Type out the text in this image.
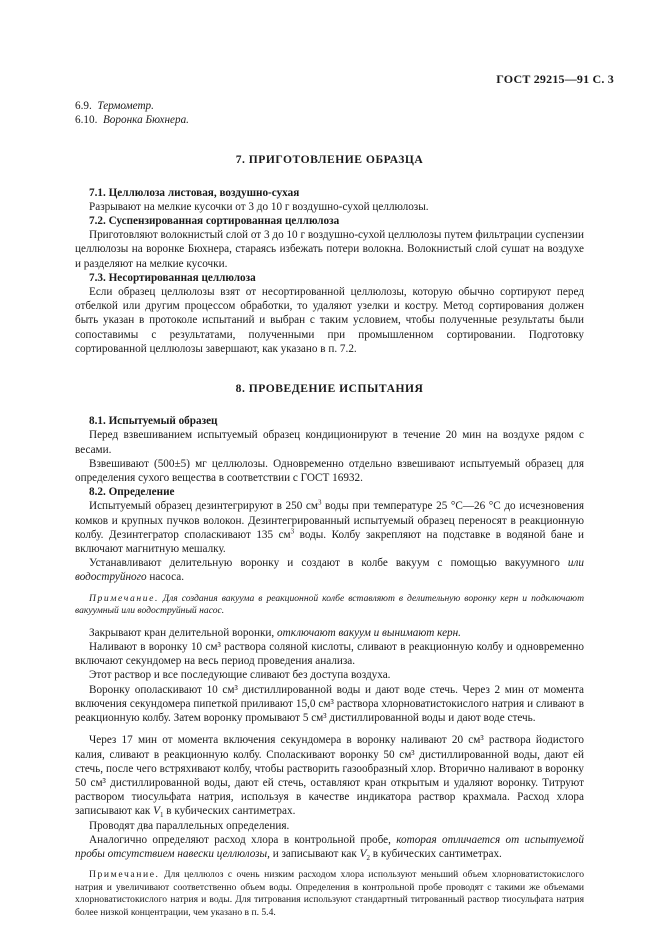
ГОСТ 29215—91 С. 3

6.9. Термометр.

6.10. Воронка Бюхнера.

7. ПРИГОТОВЛЕНИЕ ОБРАЗЦА

7.1. Целлюлоза листовая, воздушно-сухая

Разрывают на мелкие кусочки от 3 до 10 г воздушно-сухой целлюлозы.

7.2. Суспензированная сортированная целлюлоза

Приготовляют волокнистый слой от 3 до 10 г воздушно-сухой целлюлозы путем фильтрации суспензии целлюлозы на воронке Бюхнера, стараясь избежать потери волокна. Волокнистый слой сушат на воздухе и разделяют на мелкие кусочки.

7.3. Несортированная целлюлоза

Если образец целлюлозы взят от несортированной целлюлозы, которую обычно сортируют перед отбелкой или другим процессом обработки, то удаляют узелки и костру. Метод сортирования должен быть указан в протоколе испытаний и выбран с таким условием, чтобы полученные результаты были сопоставимы с результатами, полученными при промышленном сортировании. Подготовку сортированной целлюлозы завершают, как указано в п. 7.2.

8. ПРОВЕДЕНИЕ ИСПЫТАНИЯ

8.1. Испытуемый образец

Перед взвешиванием испытуемый образец кондиционируют в течение 20 мин на воздухе рядом с весами.

Взвешивают (500±5) мг целлюлозы. Одновременно отдельно взвешивают испытуемый образец для определения сухого вещества в соответствии с ГОСТ 16932.

8.2. Определение

Испытуемый образец дезинтегрируют в 250 $см^3$ воды при температуре 25 °С—26 °С до исчезновения комков и крупных пучков волокон. Дезинтегрированный испытуемый образец переносят в реакционную колбу. Дезинтегратор споласкивают 135 $см^3$ воды. Колбу закрепляют на подставке в водяной бане и включают магнитную мешалку.

Устанавливают делительную воронку и создают в колбе вакуум с помощью вакуумного или водоструйного насоса.

Примечание. Для создания вакуума в реакционной колбе вставляют в делительную воронку керн и подключают вакуумный или водоструйный насос.

Закрывают кран делительной воронки, отключают вакуум и вынимают керн.

Наливают в воронку 10 см³ раствора соляной кислоты, сливают в реакционную колбу и одновременно включают секундомер на весь период проведения анализа.

Этот раствор и все последующие сливают без доступа воздуха.

Воронку ополаскивают 10 см³ дистиллированной воды и дают воде стечь. Через 2 мин от момента включения секундомера пипеткой приливают 15,0 см³ раствора хлорноватистокислого натрия и сливают в реакционную колбу. Затем воронку промывают 5 см³ дистиллированной воды и дают воде стечь.

Через 17 мин от момента включения секундомера в воронку наливают 20 см³ раствора йодистого калия, сливают в реакционную колбу. Споласкивают воронку 50 см³ дистиллированной воды, дают ей стечь, после чего встряхивают колбу, чтобы растворить газообразный хлор. Вторично наливают в воронку 50 см³ дистиллированной воды, дают ей стечь, оставляют кран открытым и удаляют воронку. Титруют раствором тиосульфата натрия, используя в качестве индикатора раствор крахмала. Расход хлора записывают как $V_1$ в кубических сантиметрах.

Проводят два параллельных определения.

Аналогично определяют расход хлора в контрольной пробе, которая отличается от испытуемой пробы отсутствием навески целлюлозы, и записывают как $V_2$ в кубических сантиметрах.

Примечание. Для целлюлоз с очень низким расходом хлора используют меньший объем хлорноватистокислого натрия и увеличивают соответственно объем воды. Определения в контрольной пробе проводят с такими же объемами хлорноватистокислого натрия и воды. Для титрования используют стандартный титрованный раствор тиосульфата натрия более низкой концентрации, чем указано в п. 5.4.
